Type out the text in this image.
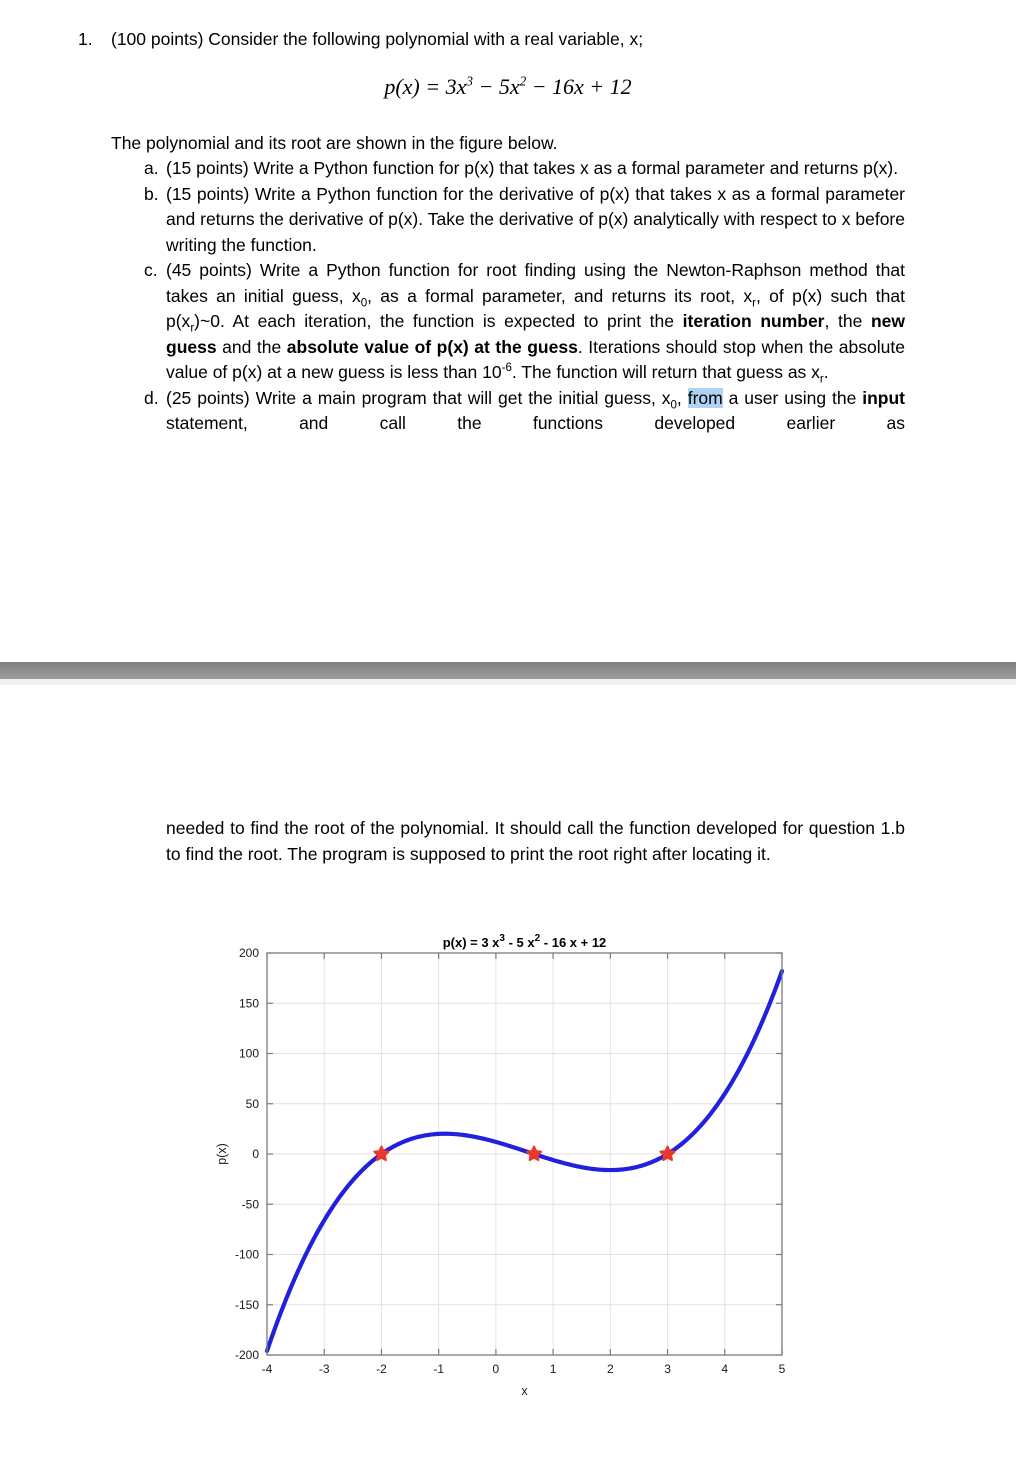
1. (100 points) Consider the following polynomial with a real variable, x;
$p(x) = 3x^3 - 5x^2 - 16x + 12$
The polynomial and its root are shown in the figure below.
a. (15 points) Write a Python function for p(x) that takes x as a formal parameter and returns p(x).
b. (15 points) Write a Python function for the derivative of p(x) that takes x as a formal parameter and returns the derivative of p(x). Take the derivative of p(x) analytically with respect to x before writing the function.
c. (45 points) Write a Python function for root finding using the Newton-Raphson method that takes an initial guess, $x_0$, as a formal parameter, and returns its root, $x_r$, of p(x) such that $p(x_r)\sim 0$. At each iteration, the function is expected to print the iteration number, the new guess and the absolute value of p(x) at the guess. Iterations should stop when the absolute value of p(x) at a new guess is less than $10^{-6}$. The function will return that guess as $x_r$.
d. (25 points) Write a main program that will get the initial guess, $x_0$, from a user using the input statement, and call the functions developed earlier as
needed to find the root of the polynomial. It should call the function developed for question 1.b to find the root. The program is supposed to print the root right after locating it.
-4	-3	-2	-1	0	1	2	3	4	5
-200
-150
-100
-50
0
50
100
150
200
x
p(x)
p(x) = 3 $x^3 - 5$ $x^2 - 16$ x + 12
